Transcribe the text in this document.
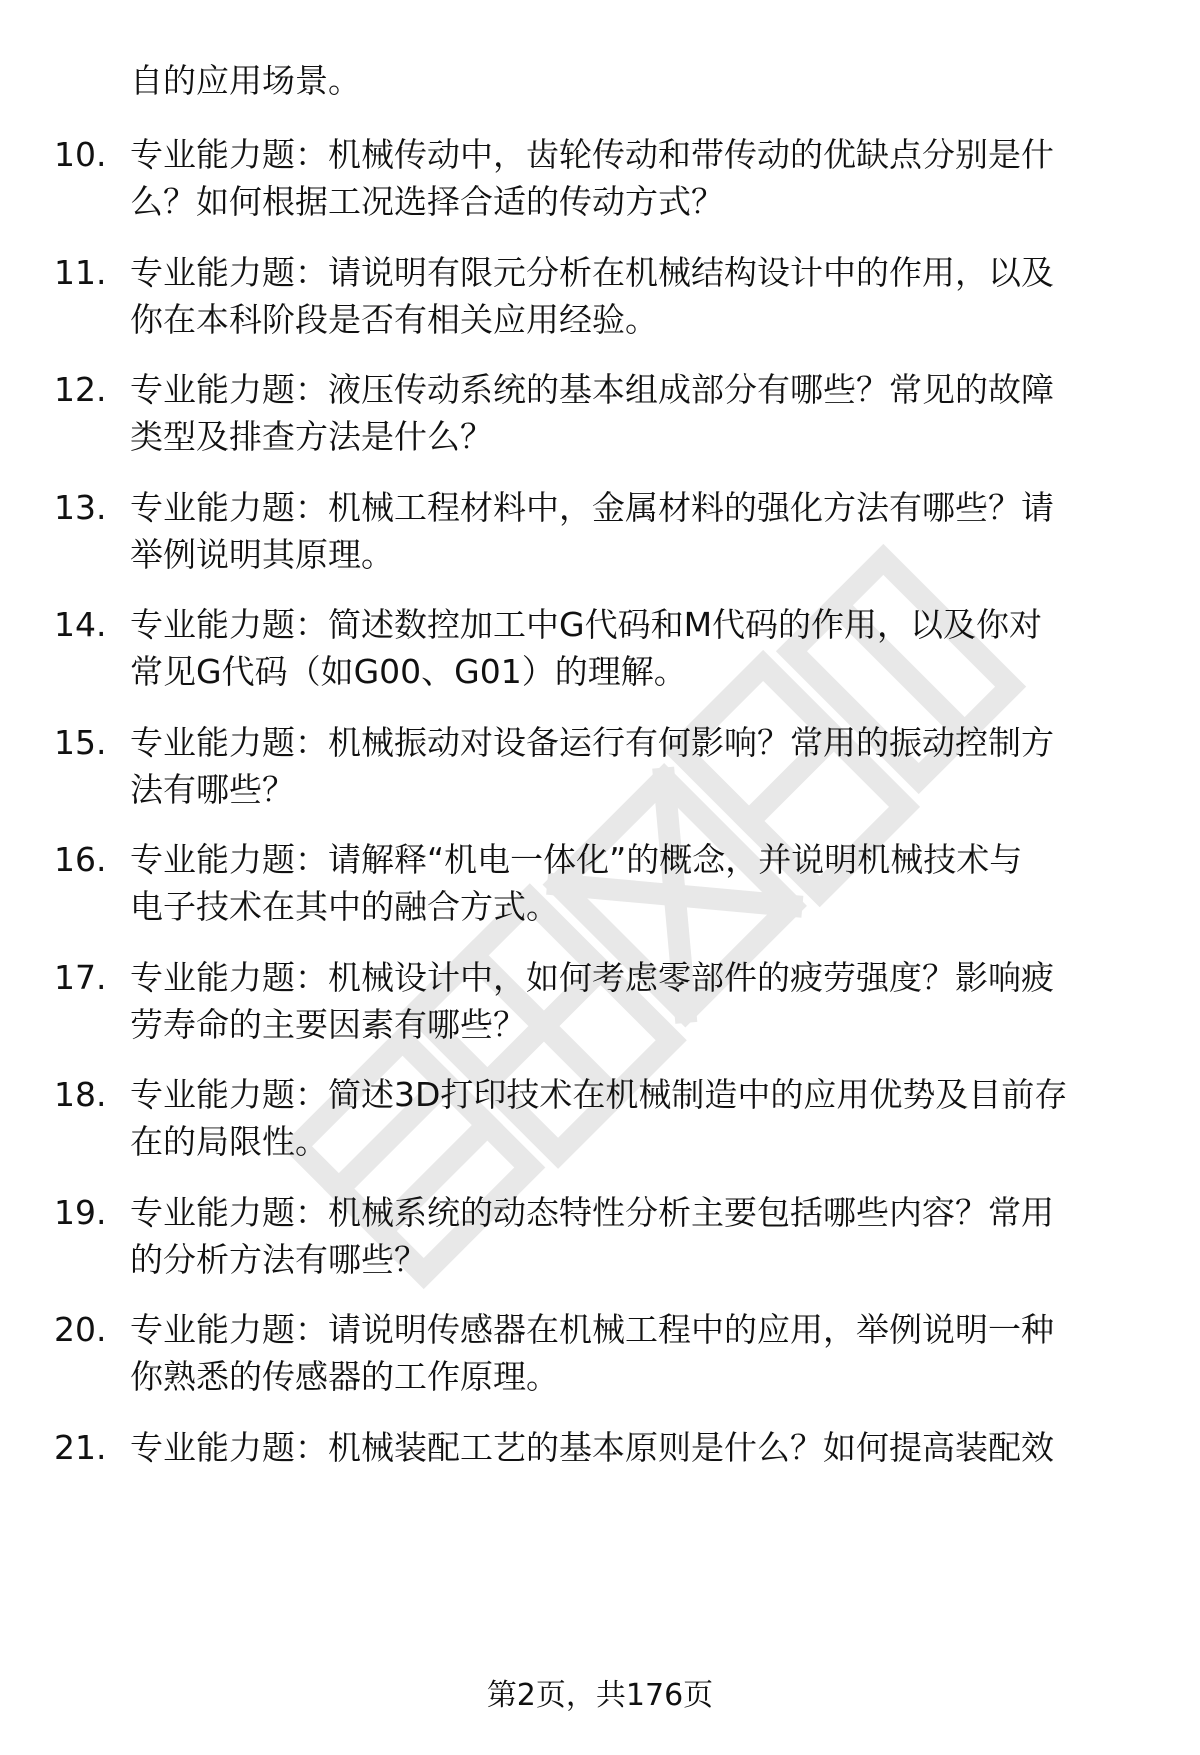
自的应用场景。
10. 专业能力题：机械传动中，齿轮传动和带传动的优缺点分别是什
么？如何根据工况选择合适的传动方式？
11. 专业能力题：请说明有限元分析在机械结构设计中的作用，以及
你在本科阶段是否有相关应用经验。
12. 专业能力题：液压传动系统的基本组成部分有哪些？常见的故障
类型及排查方法是什么？
13. 专业能力题：机械工程材料中，金属材料的强化方法有哪些？请
举例说明其原理。
14. 专业能力题：简述数控加工中G代码和M代码的作用，以及你对
常见G代码（如G00、G01）的理解。
15. 专业能力题：机械振动对设备运行有何影响？常用的振动控制方
法有哪些？
16. 专业能力题：请解释“机电一体化”的概念，并说明机械技术与
电子技术在其中的融合方式。
17. 专业能力题：机械设计中，如何考虑零部件的疲劳强度？影响疲
劳寿命的主要因素有哪些？
18. 专业能力题：简述3D打印技术在机械制造中的应用优势及目前存
在的局限性。
19. 专业能力题：机械系统的动态特性分析主要包括哪些内容？常用
的分析方法有哪些？
20. 专业能力题：请说明传感器在机械工程中的应用，举例说明一种
你熟悉的传感器的工作原理。
21. 专业能力题：机械装配工艺的基本原则是什么？如何提高装配效
第2页，共176页
